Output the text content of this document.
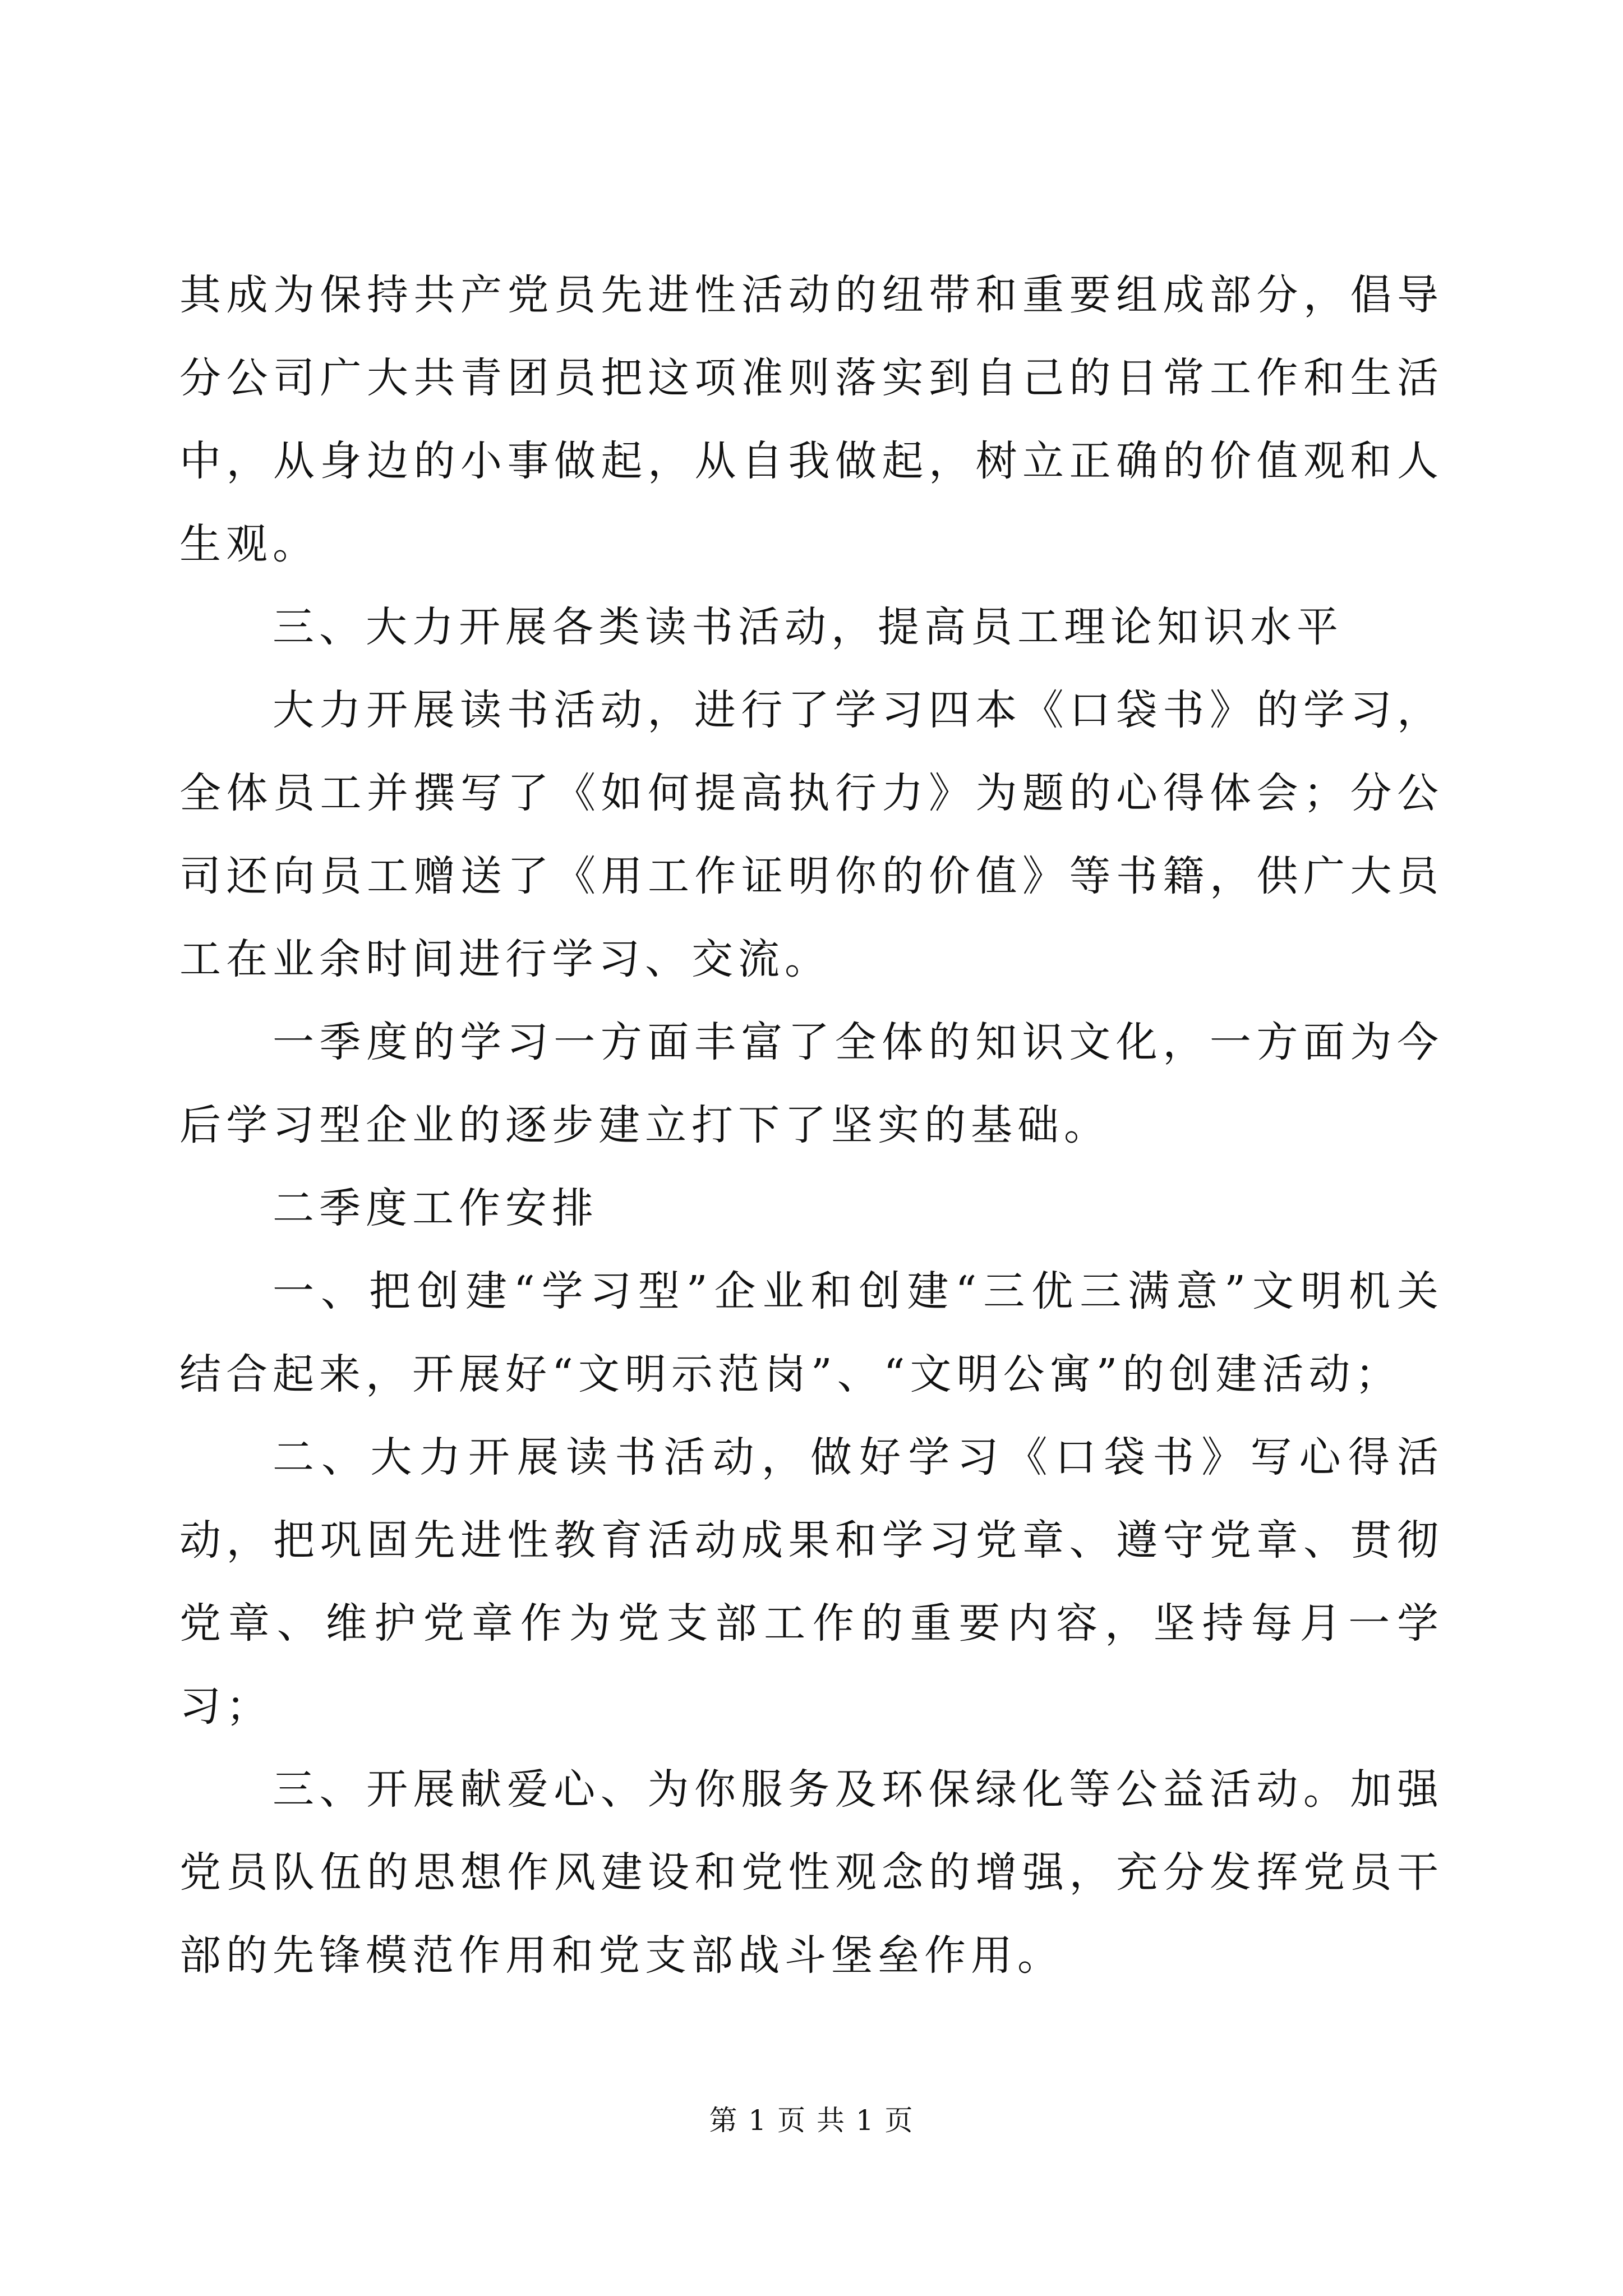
其成为保持共产党员先进性活动的纽带和重要组成部分，倡导分公司广大共青团员把这项准则落实到自己的日常工作和生活中，从身边的小事做起，从自我做起，树立正确的价值观和人生观。

三、大力开展各类读书活动，提高员工理论知识水平

大力开展读书活动，进行了学习四本《口袋书》的学习，全体员工并撰写了《如何提高执行力》为题的心得体会；分公司还向员工赠送了《用工作证明你的价值》等书籍，供广大员工在业余时间进行学习、交流。

一季度的学习一方面丰富了全体的知识文化，一方面为今后学习型企业的逐步建立打下了坚实的基础。

二季度工作安排

一、把创建“学习型”企业和创建“三优三满意”文明机关结合起来，开展好“文明示范岗”、“文明公寓”的创建活动；

二、大力开展读书活动，做好学习《口袋书》写心得活动，把巩固先进性教育活动成果和学习党章、遵守党章、贯彻党章、维护党章作为党支部工作的重要内容，坚持每月一学习；

三、开展献爱心、为你服务及环保绿化等公益活动。加强党员队伍的思想作风建设和党性观念的增强，充分发挥党员干部的先锋模范作用和党支部战斗堡垒作用。

第 1 页 共 1 页
